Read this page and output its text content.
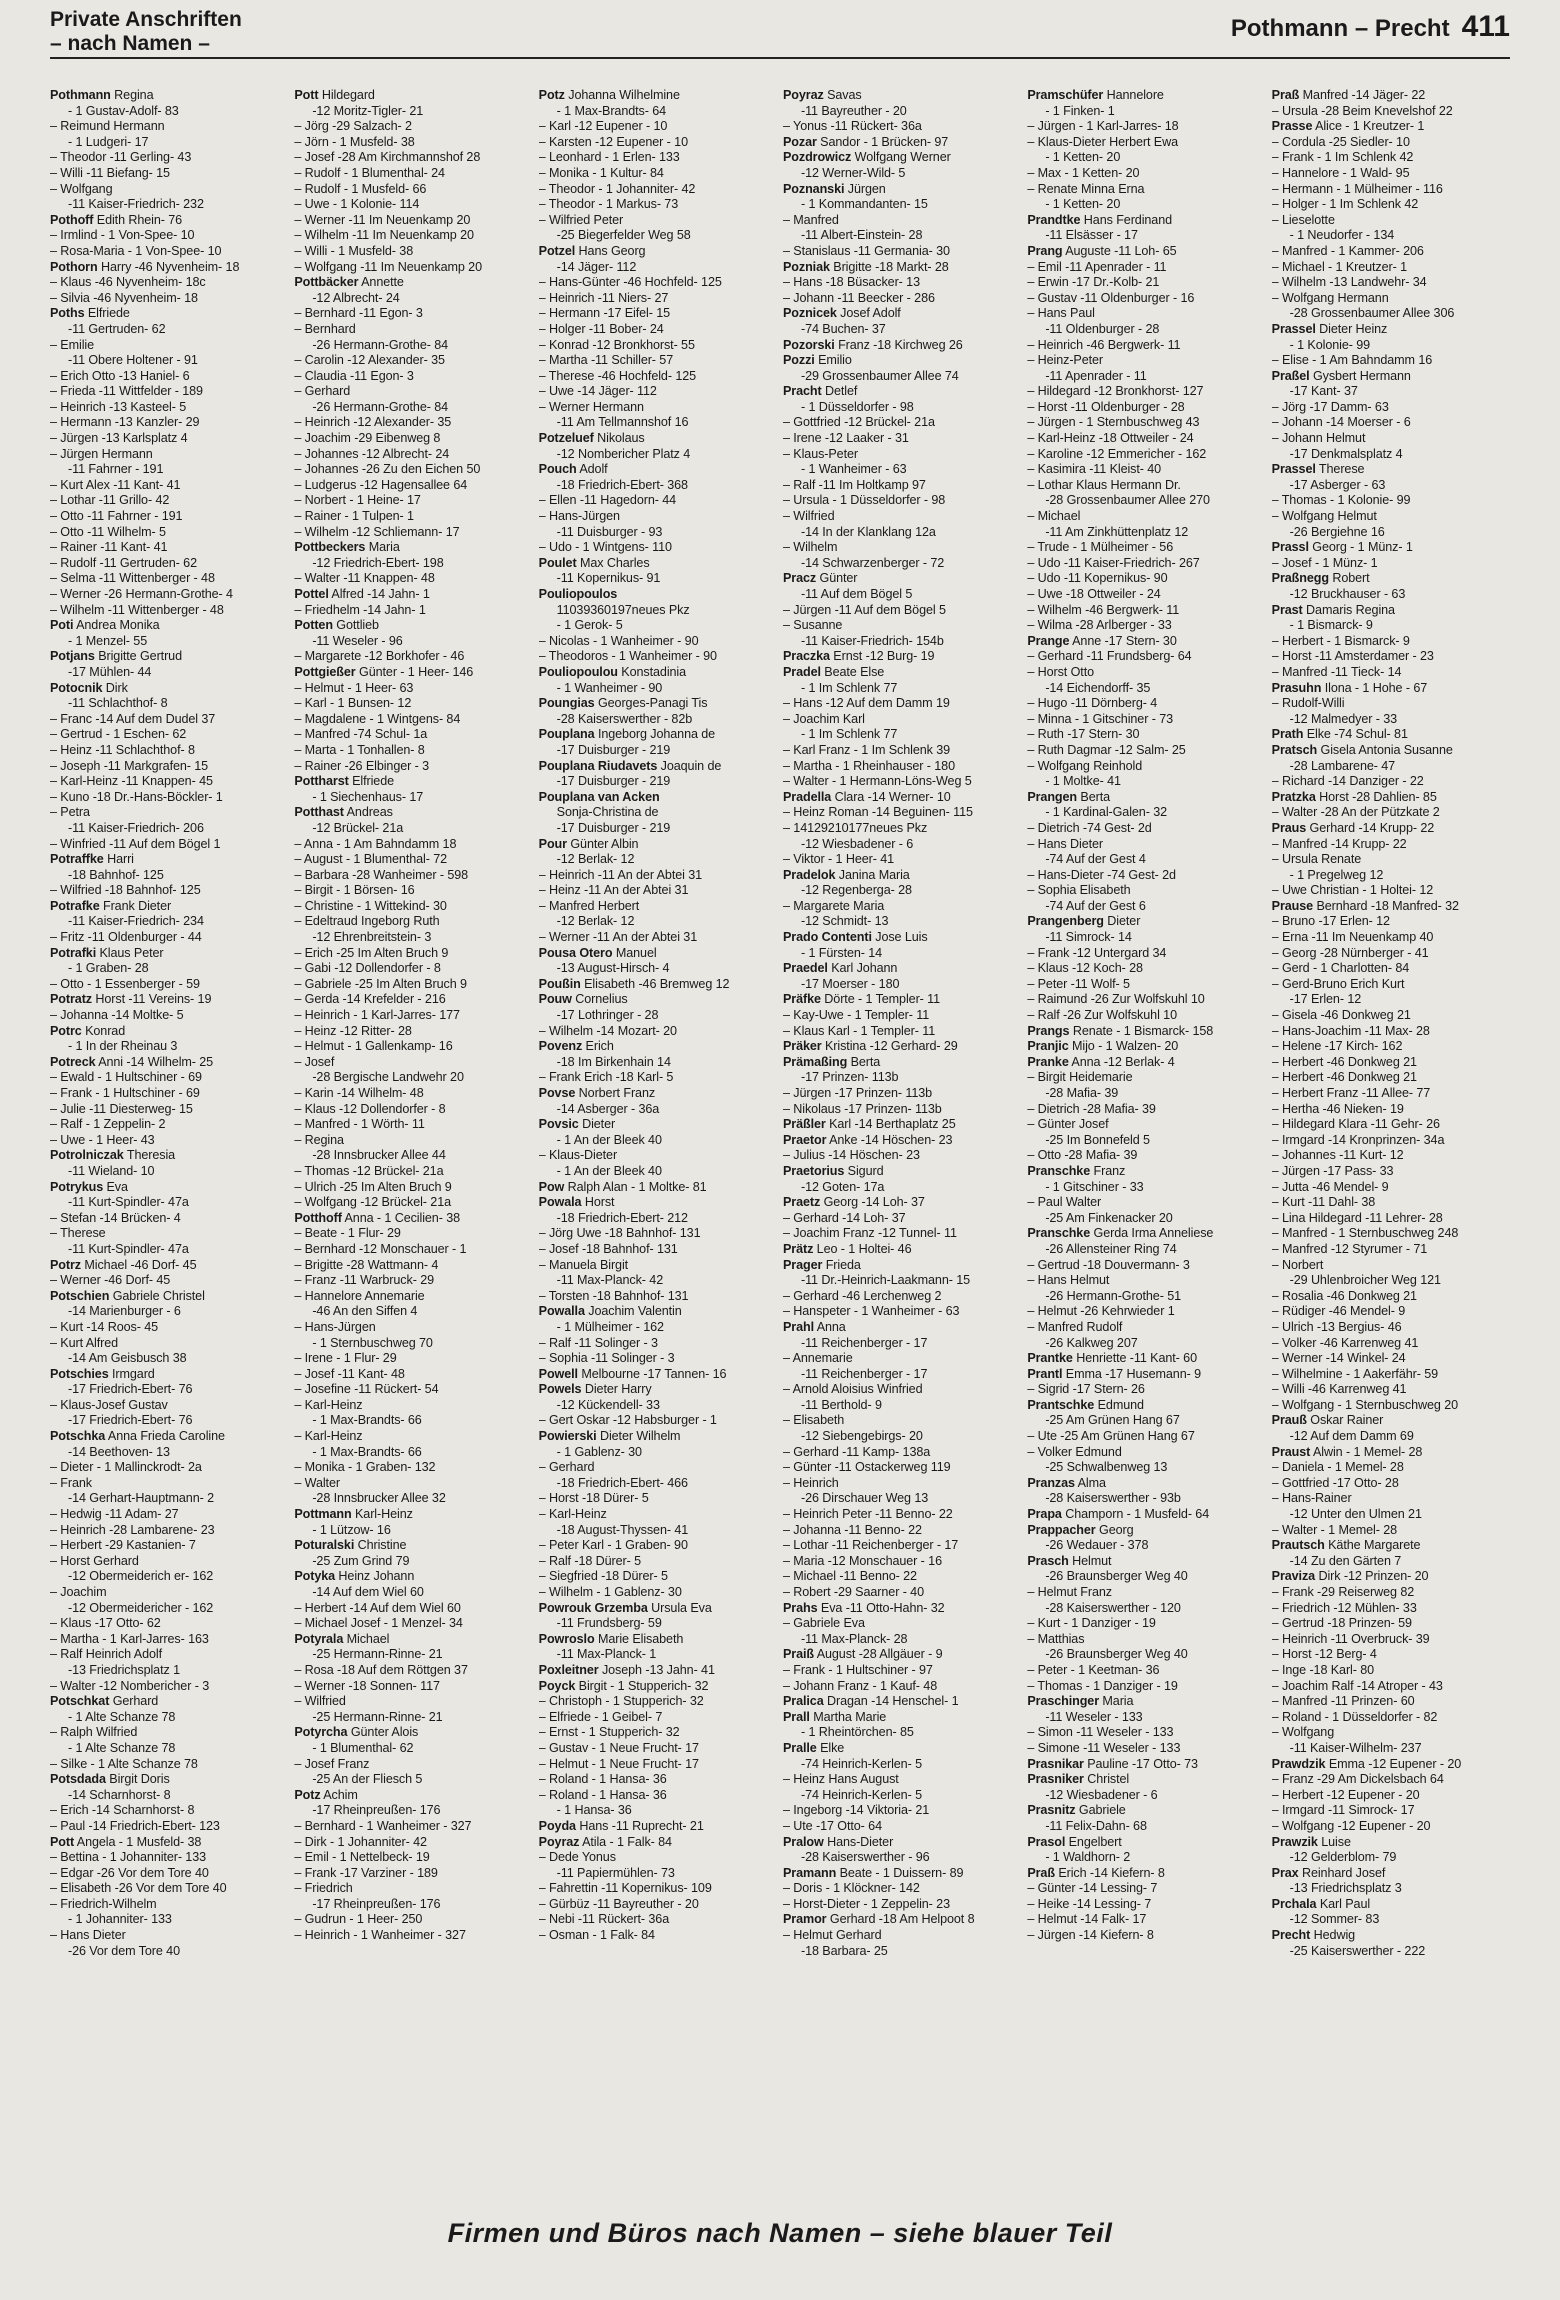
Private Anschriften
– nach Namen –
Pothmann – Precht 411
Pothmann Regina
- 1 Gustav-Adolf- 83
– Reimund Hermann
- 1 Ludgeri- 17
– Theodor -11 Gerling- 43
– Willi -11 Biefang- 15
– Wolfgang
-11 Kaiser-Friedrich- 232
Pothoff Edith Rhein- 76
– Irmlind - 1 Von-Spee- 10
– Rosa-Maria - 1 Von-Spee- 10
Pothorn Harry -46 Nyvenheim- 18
– Klaus -46 Nyvenheim- 18c
– Silvia -46 Nyvenheim- 18
Poths Elfriede
-11 Gertruden- 62
– Emilie
-11 Obere Holtener - 91
– Erich Otto -13 Haniel- 6
– Frieda -11 Wittfelder - 189
– Heinrich -13 Kasteel- 5
– Hermann -13 Kanzler- 29
– Jürgen -13 Karlsplatz 4
– Jürgen Hermann
-11 Fahrner - 191
– Kurt Alex -11 Kant- 41
– Lothar -11 Grillo- 42
– Otto -11 Fahrner - 191
– Otto -11 Wilhelm- 5
– Rainer -11 Kant- 41
– Rudolf -11 Gertruden- 62
– Selma -11 Wittenberger - 48
– Werner -26 Hermann-Grothe- 4
– Wilhelm -11 Wittenberger - 48
Poti Andrea Monika
- 1 Menzel- 55
Potjans Brigitte Gertrud
-17 Mühlen- 44
Potocnik Dirk
-11 Schlachthof- 8
– Franc -14 Auf dem Dudel 37
– Gertrud - 1 Eschen- 62
– Heinz -11 Schlachthof- 8
– Joseph -11 Markgrafen- 15
– Karl-Heinz -11 Knappen- 45
– Kuno -18 Dr.-Hans-Böckler- 1
– Petra
-11 Kaiser-Friedrich- 206
– Winfried -11 Auf dem Bögel 1
Potraffke Harri
-18 Bahnhof- 125
– Wilfried -18 Bahnhof- 125
Potrafke Frank Dieter
-11 Kaiser-Friedrich- 234
– Fritz -11 Oldenburger - 44
Potrafki Klaus Peter
- 1 Graben- 28
– Otto - 1 Essenberger - 59
Potratz Horst -11 Vereins- 19
– Johanna -14 Moltke- 5
Potrc Konrad
- 1 In der Rheinau 3
Potreck Anni -14 Wilhelm- 25
– Ewald - 1 Hultschiner - 69
– Frank - 1 Hultschiner - 69
– Julie -11 Diesterweg- 15
– Ralf - 1 Zeppelin- 2
– Uwe - 1 Heer- 43
Potrolniczak Theresia
-11 Wieland- 10
Potrykus Eva
-11 Kurt-Spindler- 47a
– Stefan -14 Brücken- 4
– Therese
-11 Kurt-Spindler- 47a
Potrz Michael -46 Dorf- 45
– Werner -46 Dorf- 45
Potschien Gabriele Christel
-14 Marienburger - 6
– Kurt -14 Roos- 45
– Kurt Alfred
-14 Am Geisbusch 38
Potschies Irmgard
-17 Friedrich-Ebert- 76
– Klaus-Josef Gustav
-17 Friedrich-Ebert- 76
Potschka Anna Frieda Caroline
-14 Beethoven- 13
– Dieter - 1 Mallinckrodt- 2a
– Frank
-14 Gerhart-Hauptmann- 2
– Hedwig -11 Adam- 27
– Heinrich -28 Lambarene- 23
– Herbert -29 Kastanien- 7
– Horst Gerhard
-12 Obermeiderich er- 162
– Joachim
-12 Obermeidericher - 162
– Klaus -17 Otto- 62
– Martha - 1 Karl-Jarres- 163
– Ralf Heinrich Adolf
-13 Friedrichsplatz 1
– Walter -12 Nombericher - 3
Potschkat Gerhard
- 1 Alte Schanze 78
– Ralph Wilfried
- 1 Alte Schanze 78
– Silke - 1 Alte Schanze 78
Potsdada Birgit Doris
-14 Scharnhorst- 8
– Erich -14 Scharnhorst- 8
– Paul -14 Friedrich-Ebert- 123
Pott Angela - 1 Musfeld- 38
– Bettina - 1 Johanniter- 133
– Edgar -26 Vor dem Tore 40
– Elisabeth -26 Vor dem Tore 40
– Friedrich-Wilhelm
- 1 Johanniter- 133
– Hans Dieter
-26 Vor dem Tore 40
Pott Hildegard
-12 Moritz-Tigler- 21
– Jörg -29 Salzach- 2
– Jörn - 1 Musfeld- 38
– Josef -28 Am Kirchmannshof 28
– Rudolf - 1 Blumenthal- 24
– Rudolf - 1 Musfeld- 66
– Uwe - 1 Kolonie- 114
– Werner -11 Im Neuenkamp 20
– Wilhelm -11 Im Neuenkamp 20
– Willi - 1 Musfeld- 38
– Wolfgang -11 Im Neuenkamp 20
Pottbäcker Annette
-12 Albrecht- 24
– Bernhard -11 Egon- 3
– Bernhard
-26 Hermann-Grothe- 84
– Carolin -12 Alexander- 35
– Claudia -11 Egon- 3
– Gerhard
-26 Hermann-Grothe- 84
– Heinrich -12 Alexander- 35
– Joachim -29 Eibenweg 8
– Johannes -12 Albrecht- 24
– Johannes -26 Zu den Eichen 50
– Ludgerus -12 Hagensallee 64
– Norbert - 1 Heine- 17
– Rainer - 1 Tulpen- 1
– Wilhelm -12 Schliemann- 17
Pottbeckers Maria
-12 Friedrich-Ebert- 198
– Walter -11 Knappen- 48
Pottel Alfred -14 Jahn- 1
– Friedhelm -14 Jahn- 1
Potten Gottlieb
-11 Weseler - 96
– Margarete -12 Borkhofer - 46
Pottgießer Günter - 1 Heer- 146
– Helmut - 1 Heer- 63
– Karl - 1 Bunsen- 12
– Magdalene - 1 Wintgens- 84
– Manfred -74 Schul- 1a
– Marta - 1 Tonhallen- 8
– Rainer -26 Elbinger - 3
Pottharst Elfriede
- 1 Siechenhaus- 17
Potthast Andreas
-12 Brückel- 21a
– Anna - 1 Am Bahndamm 18
– August - 1 Blumenthal- 72
– Barbara -28 Wanheimer - 598
– Birgit - 1 Börsen- 16
– Christine - 1 Wittekind- 30
– Edeltraud Ingeborg Ruth
-12 Ehrenbreitstein- 3
– Erich -25 Im Alten Bruch 9
– Gabi -12 Dollendorfer - 8
– Gabriele -25 Im Alten Bruch 9
– Gerda -14 Krefelder - 216
– Heinrich - 1 Karl-Jarres- 177
– Heinz -12 Ritter- 28
– Helmut - 1 Gallenkamp- 16
– Josef
-28 Bergische Landwehr 20
– Karin -14 Wilhelm- 48
– Klaus -12 Dollendorfer - 8
– Manfred - 1 Wörth- 11
– Regina
-28 Innsbrucker Allee 44
– Thomas -12 Brückel- 21a
– Ulrich -25 Im Alten Bruch 9
– Wolfgang -12 Brückel- 21a
Potthoff Anna - 1 Cecilien- 38
– Beate - 1 Flur- 29
– Bernhard -12 Monschauer - 1
– Brigitte -28 Wattmann- 4
– Franz -11 Warbruck- 29
– Hannelore Annemarie
-46 An den Siffen 4
– Hans-Jürgen
- 1 Sternbuschweg 70
– Irene - 1 Flur- 29
– Josef -11 Kant- 48
– Josefine -11 Rückert- 54
– Karl-Heinz
- 1 Max-Brandts- 66
– Karl-Heinz
- 1 Max-Brandts- 66
– Monika - 1 Graben- 132
– Walter
-28 Innsbrucker Allee 32
Pottmann Karl-Heinz
- 1 Lützow- 16
Poturalski Christine
-25 Zum Grind 79
Potyka Heinz Johann
-14 Auf dem Wiel 60
– Herbert -14 Auf dem Wiel 60
– Michael Josef - 1 Menzel- 34
Potyrala Michael
-25 Hermann-Rinne- 21
– Rosa -18 Auf dem Röttgen 37
– Werner -18 Sonnen- 117
– Wilfried
-25 Hermann-Rinne- 21
Potyrcha Günter Alois
- 1 Blumenthal- 62
– Josef Franz
-25 An der Fliesch 5
Potz Achim
-17 Rheinpreußen- 176
– Bernhard - 1 Wanheimer - 327
– Dirk - 1 Johanniter- 42
– Emil - 1 Nettelbeck- 19
– Frank -17 Varziner - 189
– Friedrich
-17 Rheinpreußen- 176
– Gudrun - 1 Heer- 250
– Heinrich - 1 Wanheimer - 327
Potz Johanna Wilhelmine
- 1 Max-Brandts- 64
– Karl -12 Eupener - 10
– Karsten -12 Eupener - 10
– Leonhard - 1 Erlen- 133
– Monika - 1 Kultur- 84
– Theodor - 1 Johanniter- 42
– Theodor - 1 Markus- 73
– Wilfried Peter
-25 Biegerfelder Weg 58
Potzel Hans Georg
-14 Jäger- 112
– Hans-Günter -46 Hochfeld- 125
– Heinrich -11 Niers- 27
– Hermann -17 Eifel- 15
– Holger -11 Bober- 24
– Konrad -12 Bronkhorst- 55
– Martha -11 Schiller- 57
– Therese -46 Hochfeld- 125
– Uwe -14 Jäger- 112
– Werner Hermann
-11 Am Tellmannshof 16
Potzeluef Nikolaus
-12 Nombericher Platz 4
Pouch Adolf
-18 Friedrich-Ebert- 368
– Ellen -11 Hagedorn- 44
– Hans-Jürgen
-11 Duisburger - 93
– Udo - 1 Wintgens- 110
Poulet Max Charles
-11 Kopernikus- 91
Pouliopoulos
11039360197neues Pkz
- 1 Gerok- 5
– Nicolas - 1 Wanheimer - 90
– Theodoros - 1 Wanheimer - 90
Pouliopoulou Konstadinia
- 1 Wanheimer - 90
Poungias Georges-Panagi Tis
-28 Kaiserswerther - 82b
Pouplana Ingeborg Johanna de
-17 Duisburger - 219
Pouplana Riudavets Joaquin de
-17 Duisburger - 219
Pouplana van Acken
Sonja-Christina de
-17 Duisburger - 219
Pour Günter Albin
-12 Berlak- 12
– Heinrich -11 An der Abtei 31
– Heinz -11 An der Abtei 31
– Manfred Herbert
-12 Berlak- 12
– Werner -11 An der Abtei 31
Pousa Otero Manuel
-13 August-Hirsch- 4
Poußin Elisabeth -46 Bremweg 12
Pouw Cornelius
-17 Lothringer - 28
– Wilhelm -14 Mozart- 20
Povenz Erich
-18 Im Birkenhain 14
– Frank Erich -18 Karl- 5
Povse Norbert Franz
-14 Asberger - 36a
Povsic Dieter
- 1 An der Bleek 40
– Klaus-Dieter
- 1 An der Bleek 40
Pow Ralph Alan - 1 Moltke- 81
Powala Horst
-18 Friedrich-Ebert- 212
– Jörg Uwe -18 Bahnhof- 131
– Josef -18 Bahnhof- 131
– Manuela Birgit
-11 Max-Planck- 42
– Torsten -18 Bahnhof- 131
Powalla Joachim Valentin
- 1 Mülheimer - 162
– Ralf -11 Solinger - 3
– Sophia -11 Solinger - 3
Powell Melbourne -17 Tannen- 16
Powels Dieter Harry
-12 Kückendell- 33
– Gert Oskar -12 Habsburger - 1
Powierski Dieter Wilhelm
- 1 Gablenz- 30
– Gerhard
-18 Friedrich-Ebert- 466
– Horst -18 Dürer- 5
– Karl-Heinz
-18 August-Thyssen- 41
– Peter Karl - 1 Graben- 90
– Ralf -18 Dürer- 5
– Siegfried -18 Dürer- 5
– Wilhelm - 1 Gablenz- 30
Powrouk Grzemba Ursula Eva
-11 Frundsberg- 59
Powroslo Marie Elisabeth
-11 Max-Planck- 1
Poxleitner Joseph -13 Jahn- 41
Poyck Birgit - 1 Stupperich- 32
– Christoph - 1 Stupperich- 32
– Elfriede - 1 Geibel- 7
– Ernst - 1 Stupperich- 32
– Gustav - 1 Neue Frucht- 17
– Helmut - 1 Neue Frucht- 17
– Roland - 1 Hansa- 36
– Roland - 1 Hansa- 36
- 1 Hansa- 36
Poyda Hans -11 Ruprecht- 21
Poyraz Atila - 1 Falk- 84
– Dede Yonus
-11 Papiermühlen- 73
– Fahrettin -11 Kopernikus- 109
– Gürbüz -11 Bayreuther - 20
– Nebi -11 Rückert- 36a
– Osman - 1 Falk- 84
Poyraz Savas
-11 Bayreuther - 20
– Yonus -11 Rückert- 36a
Pozar Sandor - 1 Brücken- 97
Pozdrowicz Wolfgang Werner
-12 Werner-Wild- 5
Poznanski Jürgen
- 1 Kommandanten- 15
– Manfred
-11 Albert-Einstein- 28
– Stanislaus -11 Germania- 30
Pozniak Brigitte -18 Markt- 28
– Hans -18 Büsacker- 13
– Johann -11 Beecker - 286
Poznicek Josef Adolf
-74 Buchen- 37
Pozorski Franz -18 Kirchweg 26
Pozzi Emilio
-29 Grossenbaumer Allee 74
Pracht Detlef
- 1 Düsseldorfer - 98
– Gottfried -12 Brückel- 21a
– Irene -12 Laaker - 31
– Klaus-Peter
- 1 Wanheimer - 63
– Ralf -11 Im Holtkamp 97
– Ursula - 1 Düsseldorfer - 98
– Wilfried
-14 In der Klanklang 12a
– Wilhelm
-14 Schwarzenberger - 72
Pracz Günter
-11 Auf dem Bögel 5
– Jürgen -11 Auf dem Bögel 5
– Susanne
-11 Kaiser-Friedrich- 154b
Praczka Ernst -12 Burg- 19
Pradel Beate Else
- 1 Im Schlenk 77
– Hans -12 Auf dem Damm 19
– Joachim Karl
- 1 Im Schlenk 77
– Karl Franz - 1 Im Schlenk 39
– Martha - 1 Rheinhauser - 180
– Walter - 1 Hermann-Löns-Weg 5
Pradella Clara -14 Werner- 10
– Heinz Roman -14 Beguinen- 115
– 14129210177neues Pkz
-12 Wiesbadener - 6
– Viktor - 1 Heer- 41
Pradelok Janina Maria
-12 Regenberga- 28
– Margarete Maria
-12 Schmidt- 13
Prado Contenti Jose Luis
- 1 Fürsten- 14
Praedel Karl Johann
-17 Moerser - 180
Präfke Dörte - 1 Templer- 11
– Kay-Uwe - 1 Templer- 11
– Klaus Karl - 1 Templer- 11
Präker Kristina -12 Gerhard- 29
Prämaßing Berta
-17 Prinzen- 113b
– Jürgen -17 Prinzen- 113b
– Nikolaus -17 Prinzen- 113b
Präßler Karl -14 Berthaplatz 25
Praetor Anke -14 Höschen- 23
– Julius -14 Höschen- 23
Praetorius Sigurd
-12 Goten- 17a
Praetz Georg -14 Loh- 37
– Gerhard -14 Loh- 37
– Joachim Franz -12 Tunnel- 11
Prätz Leo - 1 Holtei- 46
Prager Frieda
-11 Dr.-Heinrich-Laakmann- 15
– Gerhard -46 Lerchenweg 2
– Hanspeter - 1 Wanheimer - 63
Prahl Anna
-11 Reichenberger - 17
– Annemarie
-11 Reichenberger - 17
– Arnold Aloisius Winfried
-11 Berthold- 9
– Elisabeth
-12 Siebengebirgs- 20
– Gerhard -11 Kamp- 138a
– Günter -11 Ostackerweg 119
– Heinrich
-26 Dirschauer Weg 13
– Heinrich Peter -11 Benno- 22
– Johanna -11 Benno- 22
– Lothar -11 Reichenberger - 17
– Maria -12 Monschauer - 16
– Michael -11 Benno- 22
– Robert -29 Saarner - 40
Prahs Eva -11 Otto-Hahn- 32
– Gabriele Eva
-11 Max-Planck- 28
Praiß August -28 Allgäuer - 9
– Frank - 1 Hultschiner - 97
– Johann Franz - 1 Kauf- 48
Pralica Dragan -14 Henschel- 1
Prall Martha Marie
- 1 Rheintörchen- 85
Pralle Elke
-74 Heinrich-Kerlen- 5
– Heinz Hans August
-74 Heinrich-Kerlen- 5
– Ingeborg -14 Viktoria- 21
– Ute -17 Otto- 64
Pralow Hans-Dieter
-28 Kaiserswerther - 96
Pramann Beate - 1 Duissern- 89
– Doris - 1 Klöckner- 142
– Horst-Dieter - 1 Zeppelin- 23
Pramor Gerhard -18 Am Helpoot 8
– Helmut Gerhard
-18 Barbara- 25
Pramschüfer Hannelore
- 1 Finken- 1
– Jürgen - 1 Karl-Jarres- 18
– Klaus-Dieter Herbert Ewa
- 1 Ketten- 20
– Max - 1 Ketten- 20
– Renate Minna Erna
- 1 Ketten- 20
Prandtke Hans Ferdinand
-11 Elsässer - 17
Prang Auguste -11 Loh- 65
– Emil -11 Apenrader - 11
– Erwin -17 Dr.-Kolb- 21
– Gustav -11 Oldenburger - 16
– Hans Paul
-11 Oldenburger - 28
– Heinrich -46 Bergwerk- 11
– Heinz-Peter
-11 Apenrader - 11
– Hildegard -12 Bronkhorst- 127
– Horst -11 Oldenburger - 28
– Jürgen - 1 Sternbuschweg 43
– Karl-Heinz -18 Ottweiler - 24
– Karoline -12 Emmericher - 162
– Kasimira -11 Kleist- 40
– Lothar Klaus Hermann Dr.
-28 Grossenbaumer Allee 270
– Michael
-11 Am Zinkhüttenplatz 12
– Trude - 1 Mülheimer - 56
– Udo -11 Kaiser-Friedrich- 267
– Udo -11 Kopernikus- 90
– Uwe -18 Ottweiler - 24
– Wilhelm -46 Bergwerk- 11
– Wilma -28 Arlberger - 33
Prange Anne -17 Stern- 30
– Gerhard -11 Frundsberg- 64
– Horst Otto
-14 Eichendorff- 35
– Hugo -11 Dörnberg- 4
– Minna - 1 Gitschiner - 73
– Ruth -17 Stern- 30
– Ruth Dagmar -12 Salm- 25
– Wolfgang Reinhold
- 1 Moltke- 41
Prangen Berta
- 1 Kardinal-Galen- 32
– Dietrich -74 Gest- 2d
– Hans Dieter
-74 Auf der Gest 4
– Hans-Dieter -74 Gest- 2d
– Sophia Elisabeth
-74 Auf der Gest 6
Prangenberg Dieter
-11 Simrock- 14
– Frank -12 Untergard 34
– Klaus -12 Koch- 28
– Peter -11 Wolf- 5
– Raimund -26 Zur Wolfskuhl 10
– Ralf -26 Zur Wolfskuhl 10
Prangs Renate - 1 Bismarck- 158
Pranjic Mijo - 1 Walzen- 20
Pranke Anna -12 Berlak- 4
– Birgit Heidemarie
-28 Mafia- 39
– Dietrich -28 Mafia- 39
– Günter Josef
-25 Im Bonnefeld 5
– Otto -28 Mafia- 39
Pranschke Franz
- 1 Gitschiner - 33
– Paul Walter
-25 Am Finkenacker 20
Pranschke Gerda Irma Anneliese
-26 Allensteiner Ring 74
– Gertrud -18 Douvermann- 3
– Hans Helmut
-26 Hermann-Grothe- 51
– Helmut -26 Kehrwieder 1
– Manfred Rudolf
-26 Kalkweg 207
Prantke Henriette -11 Kant- 60
Prantl Emma -17 Husemann- 9
– Sigrid -17 Stern- 26
Prantschke Edmund
-25 Am Grünen Hang 67
– Ute -25 Am Grünen Hang 67
– Volker Edmund
-25 Schwalbenweg 13
Pranzas Alma
-28 Kaiserswerther - 93b
Prapa Champorn - 1 Musfeld- 64
Prappacher Georg
-26 Wedauer - 378
Prasch Helmut
-26 Braunsberger Weg 40
– Helmut Franz
-28 Kaiserswerther - 120
– Kurt - 1 Danziger - 19
– Matthias
-26 Braunsberger Weg 40
– Peter - 1 Keetman- 36
– Thomas - 1 Danziger - 19
Praschinger Maria
-11 Weseler - 133
– Simon -11 Weseler - 133
– Simone -11 Weseler - 133
Prasnikar Pauline -17 Otto- 73
Prasniker Christel
-12 Wiesbadener - 6
Prasnitz Gabriele
-11 Felix-Dahn- 68
Prasol Engelbert
- 1 Waldhorn- 2
Praß Erich -14 Kiefern- 8
– Günter -14 Lessing- 7
– Heike -14 Lessing- 7
– Helmut -14 Falk- 17
– Jürgen -14 Kiefern- 8
Praß Manfred -14 Jäger- 22
– Ursula -28 Beim Knevelshof 22
Prasse Alice - 1 Kreutzer- 1
– Cordula -25 Siedler- 10
– Frank - 1 Im Schlenk 42
– Hannelore - 1 Wald- 95
– Hermann - 1 Mülheimer - 116
– Holger - 1 Im Schlenk 42
– Lieselotte
- 1 Neudorfer - 134
– Manfred - 1 Kammer- 206
– Michael - 1 Kreutzer- 1
– Wilhelm -13 Landwehr- 34
– Wolfgang Hermann
-28 Grossenbaumer Allee 306
Prassel Dieter Heinz
- 1 Kolonie- 99
– Elise - 1 Am Bahndamm 16
Praßel Gysbert Hermann
-17 Kant- 37
– Jörg -17 Damm- 63
– Johann -14 Moerser - 6
– Johann Helmut
-17 Denkmalsplatz 4
Prassel Therese
-17 Asberger - 63
– Thomas - 1 Kolonie- 99
– Wolfgang Helmut
-26 Bergiehne 16
Prassl Georg - 1 Münz- 1
– Josef - 1 Münz- 1
Praßnegg Robert
-12 Bruckhauser - 63
Prast Damaris Regina
- 1 Bismarck- 9
– Herbert - 1 Bismarck- 9
– Horst -11 Amsterdamer - 23
– Manfred -11 Tieck- 14
Prasuhn Ilona - 1 Hohe - 67
– Rudolf-Willi
-12 Malmedyer - 33
Prath Elke -74 Schul- 81
Pratsch Gisela Antonia Susanne
-28 Lambarene- 47
– Richard -14 Danziger - 22
Pratzka Horst -28 Dahlien- 85
– Walter -28 An der Pützkate 2
Praus Gerhard -14 Krupp- 22
– Manfred -14 Krupp- 22
– Ursula Renate
- 1 Pregelweg 12
– Uwe Christian - 1 Holtei- 12
Prause Bernhard -18 Manfred- 32
– Bruno -17 Erlen- 12
– Erna -11 Im Neuenkamp 40
– Georg -28 Nürnberger - 41
– Gerd - 1 Charlotten- 84
– Gerd-Bruno Erich Kurt
-17 Erlen- 12
– Gisela -46 Donkweg 21
– Hans-Joachim -11 Max- 28
– Helene -17 Kirch- 162
– Herbert -46 Donkweg 21
– Herbert -46 Donkweg 21
– Herbert Franz -11 Allee- 77
– Hertha -46 Nieken- 19
– Hildegard Klara -11 Gehr- 26
– Irmgard -14 Kronprinzen- 34a
– Johannes -11 Kurt- 12
– Jürgen -17 Pass- 33
– Jutta -46 Mendel- 9
– Kurt -11 Dahl- 38
– Lina Hildegard -11 Lehrer- 28
– Manfred - 1 Sternbuschweg 248
– Manfred -12 Styrumer - 71
– Norbert
-29 Uhlenbroicher Weg 121
– Rosalia -46 Donkweg 21
– Rüdiger -46 Mendel- 9
– Ulrich -13 Bergius- 46
– Volker -46 Karrenweg 41
– Werner -14 Winkel- 24
– Wilhelmine - 1 Aakerfähr- 59
– Willi -46 Karrenweg 41
– Wolfgang - 1 Sternbuschweg 20
Prauß Oskar Rainer
-12 Auf dem Damm 69
Praust Alwin - 1 Memel- 28
– Daniela - 1 Memel- 28
– Gottfried -17 Otto- 28
– Hans-Rainer
-12 Unter den Ulmen 21
– Walter - 1 Memel- 28
Prautsch Käthe Margarete
-14 Zu den Gärten 7
Praviza Dirk -12 Prinzen- 20
– Frank -29 Reiserweg 82
– Friedrich -12 Mühlen- 33
– Gertrud -18 Prinzen- 59
– Heinrich -11 Overbruck- 39
– Horst -12 Berg- 4
– Inge -18 Karl- 80
– Joachim Ralf -14 Atroper - 43
– Manfred -11 Prinzen- 60
– Roland - 1 Düsseldorfer - 82
– Wolfgang
-11 Kaiser-Wilhelm- 237
Prawdzik Emma -12 Eupener - 20
– Franz -29 Am Dickelsbach 64
– Herbert -12 Eupener - 20
– Irmgard -11 Simrock- 17
– Wolfgang -12 Eupener - 20
Prawzik Luise
-12 Gelderblom- 79
Prax Reinhard Josef
-13 Friedrichsplatz 3
Prchala Karl Paul
-12 Sommer- 83
Precht Hedwig
-25 Kaiserswerther - 222
Firmen und Büros nach Namen – siehe blauer Teil
